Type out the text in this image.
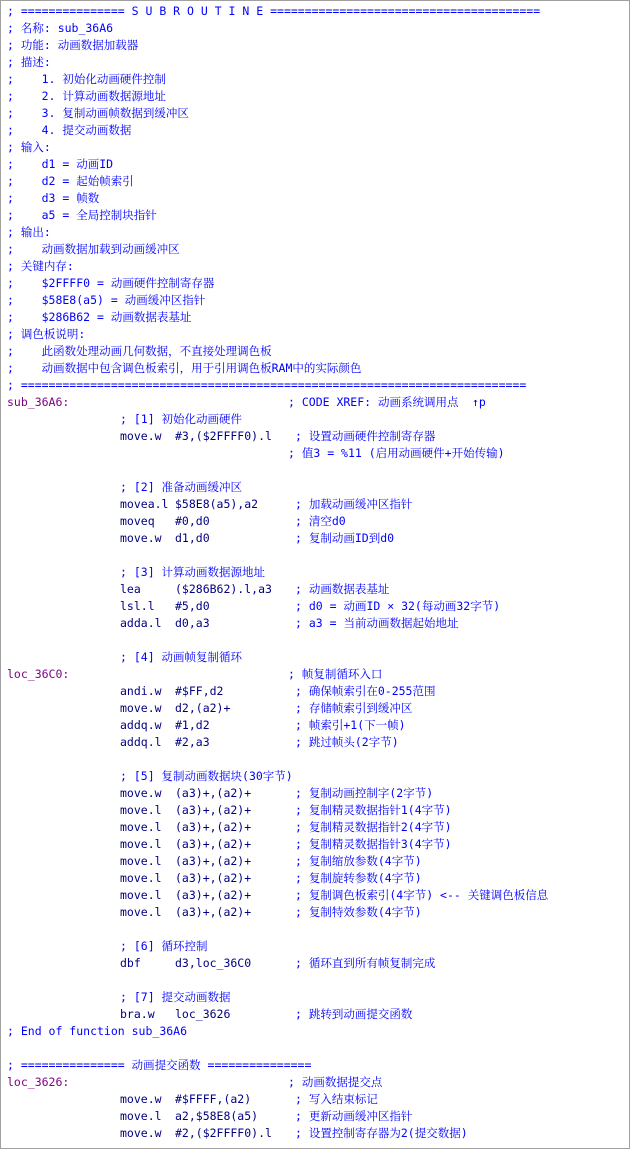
; =============== S U B R O U T I N E =======================================
; 名称: sub_36A6
; 功能: 动画数据加载器
; 描述:
;    1. 初始化动画硬件控制
;    2. 计算动画数据源地址
;    3. 复制动画帧数据到缓冲区
;    4. 提交动画数据
; 输入:
;    d1 = 动画ID
;    d2 = 起始帧索引
;    d3 = 帧数
;    a5 = 全局控制块指针
; 输出:
;    动画数据加载到动画缓冲区
; 关键内存:
;    $2FFFF0 = 动画硬件控制寄存器
;    $58E8(a5) = 动画缓冲区指针
;    $286B62 = 动画数据表基址
; 调色板说明:
;    此函数处理动画几何数据，不直接处理调色板
;    动画数据中包含调色板索引，用于引用调色板RAM中的实际颜色
; =========================================================================

sub_36A6:

	; CODE XREF: 动画系统调用点

↑p

; [1] 初始化动画硬件

move.w

#3,($2FFFF0).l

; 设置动画硬件控制寄存器

; 值3 = %11 (启用动画硬件+开始传输)
; [2] 准备动画缓冲区

movea.l

$58E8(a5),a2

	; 加载动画缓冲区指针

moveq

#0,d0

	; 清空d0

move.w

d1,d0

	; 复制动画ID到d0

; [3] 计算动画数据源地址

lea

	($286B62).l,a3

; 动画数据表基址

lsl.l

#5,d0

	; d0 = 动画ID × 32(每动画32字节)

adda.l

d0,a3

	; a3 = 当前动画数据起始地址

; [4] 动画帧复制循环

loc_36C0:

	; 帧复制循环入口

andi.w

#$FF,d2

	; 确保帧索引在0-255范围

move.w

d2,(a2)+

	; 存储帧索引到缓冲区

addq.w

#1,d2

	; 帧索引+1(下一帧)

addq.l

#2,a3

	; 跳过帧头(2字节)

; [5] 复制动画数据块(30字节)

move.w

(a3)+,(a2)+

	; 复制动画控制字(2字节)

move.l

(a3)+,(a2)+

	; 复制精灵数据指针1(4字节)

move.l

(a3)+,(a2)+

	; 复制精灵数据指针2(4字节)

move.l

(a3)+,(a2)+

	; 复制精灵数据指针3(4字节)

move.l

(a3)+,(a2)+

	; 复制缩放参数(4字节)

move.l

(a3)+,(a2)+

	; 复制旋转参数(4字节)

move.l

(a3)+,(a2)+

	; 复制调色板索引(4字节) <-- 关键调色板信息

move.l

(a3)+,(a2)+

	; 复制特效参数(4字节)

; [6] 循环控制

dbf

	d3,loc_36C0

	; 循环直到所有帧复制完成

; [7] 提交动画数据

bra.w

loc_3626

	; 跳转到动画提交函数

; End of function sub_36A6
; =============== 动画提交函数 ===============

loc_3626:

	; 动画数据提交点

move.w

#$FFFF,(a2)

	; 写入结束标记

move.l

a2,$58E8(a5)

	; 更新动画缓冲区指针

move.w

#2,($2FFFF0).l

; 设置控制寄存器为2(提交数据)
